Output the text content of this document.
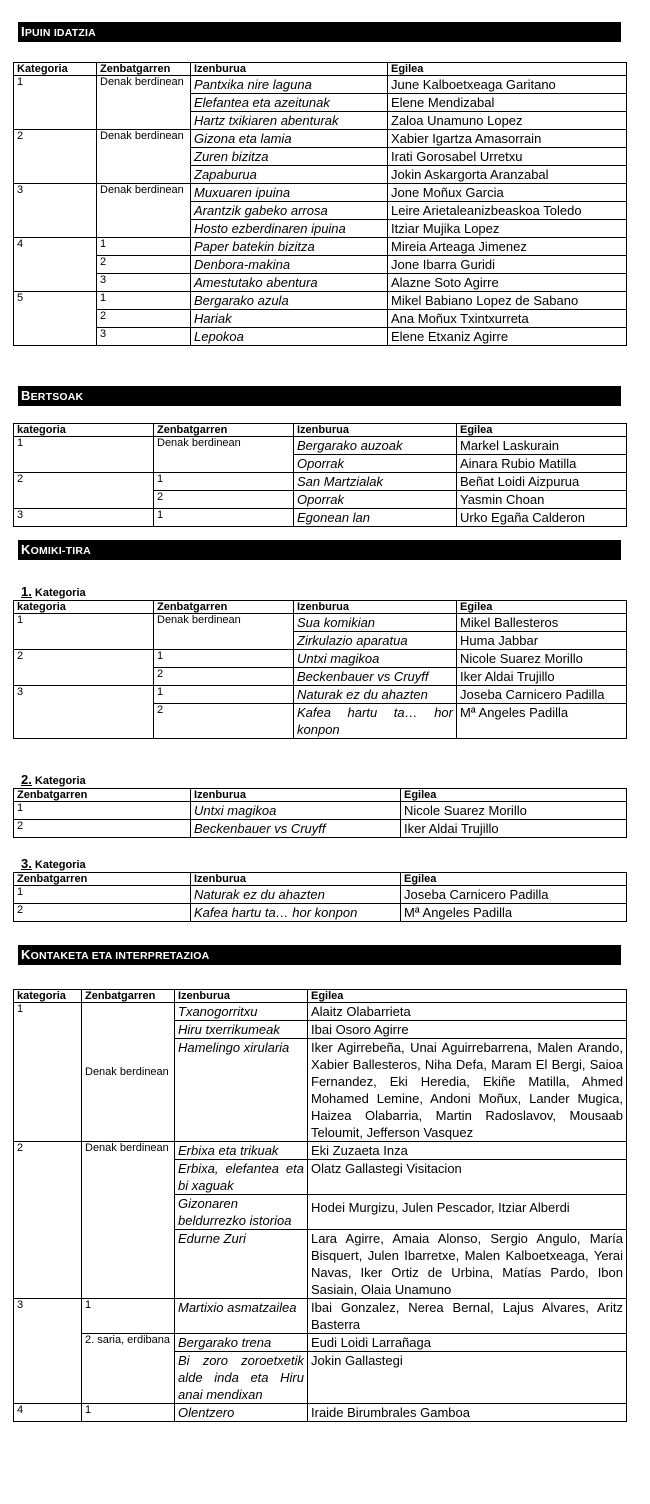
IPUIN IDATZIA
Kategoria	Zenbatgarren	Izenburua	Egilea
1	Denak berdinean	Pantxika nire laguna	June Kalboetxeaga Garitano
		Elefantea eta azeitunak	Elene Mendizabal
		Hartz txikiaren abenturak	Zaloa Unamuno Lopez
2	Denak berdinean	Gizona eta lamia	Xabier Igartza Amasorrain
		Zuren bizitza	Irati Gorosabel Urretxu
		Zapaburua	Jokin Askargorta Aranzabal
3	Denak berdinean	Muxuaren ipuina	Jone Moñux Garcia
		Arantzik gabeko arrosa	Leire Arietaleanizbeaskoa Toledo
		Hosto ezberdinaren ipuina	Itziar Mujika Lopez
4	1	Paper batekin bizitza	Mireia Arteaga Jimenez
	2	Denbora-makina	Jone Ibarra Guridi
	3	Amestutako abentura	Alazne Soto Agirre
5	1	Bergarako azula	Mikel Babiano Lopez de Sabano
	2	Hariak	Ana Moñux Txintxurreta
	3	Lepokoa	Elene Etxaniz Agirre
BERTSOAK
kategoria	Zenbatgarren	Izenburua	Egilea
1	Denak berdinean	Bergarako auzoak	Markel Laskurain
		Oporrak	Ainara Rubio Matilla
2	1	San Martzialak	Beñat Loidi Aizpurua
	2	Oporrak	Yasmin Choan
3	1	Egonean lan	Urko Egaña Calderon
KOMIKI-TIRA
1. Kategoria
kategoria	Zenbatgarren	Izenburua	Egilea
1	Denak berdinean	Sua komikian	Mikel Ballesteros
		Zirkulazio aparatua	Huma Jabbar
2	1	Untxi magikoa	Nicole Suarez Morillo
	2	Beckenbauer vs Cruyff	Iker Aldai Trujillo
3	1	Naturak ez du ahazten	Joseba Carnicero Padilla
	2	Kafea hartu ta… hor konpon	Mª Angeles Padilla
2. Kategoria
Zenbatgarren	Izenburua	Egilea
1	Untxi magikoa	Nicole Suarez Morillo
2	Beckenbauer vs Cruyff	Iker Aldai Trujillo
3. Kategoria
Zenbatgarren	Izenburua	Egilea
1	Naturak ez du ahazten	Joseba Carnicero Padilla
2	Kafea hartu ta… hor konpon	Mª Angeles Padilla
KONTAKETA ETA INTERPRETAZIOA
kategoria	Zenbatgarren	Izenburua	Egilea
1	Denak berdinean	Txanogorritxu	Alaitz Olabarrieta
		Hiru txerrikumeak	Ibai Osoro Agirre
		Hamelingo xirularia	Iker Agirrebeña, Unai Aguirrebarrena, Malen Arando, Xabier Ballesteros, Niha Defa, Maram El Bergi, Saioa Fernandez, Eki Heredia, Ekiñe Matilla, Ahmed Mohamed Lemine, Andoni Moñux, Lander Mugica, Haizea Olabarria, Martin Radoslavov, Mousaab Teloumit, Jefferson Vasquez
2	Denak berdinean	Erbixa eta trikuak	Eki Zuzaeta Inza
		Erbixa, elefantea eta bi xaguak	Olatz Gallastegi Visitacion
		Gizonaren beldurrezko istorioa	Hodei Murgizu, Julen Pescador, Itziar Alberdi
		Edurne Zuri	Lara Agirre, Amaia Alonso, Sergio Angulo, María Bisquert, Julen Ibarretxe, Malen Kalboetxeaga, Yerai Navas, Iker Ortiz de Urbina, Matías Pardo, Ibon Sasiain, Olaia Unamuno
3	1	Martixio asmatzailea	Ibai Gonzalez, Nerea Bernal, Lajus Alvares, Aritz Basterra
	2. saria, erdibana	Bergarako trena	Eudi Loidi Larrañaga
		Bi zoro zoroetxetik alde inda eta Hiru anai mendixan	Jokin Gallastegi
4	1	Olentzero	Iraide Birumbrales Gamboa
